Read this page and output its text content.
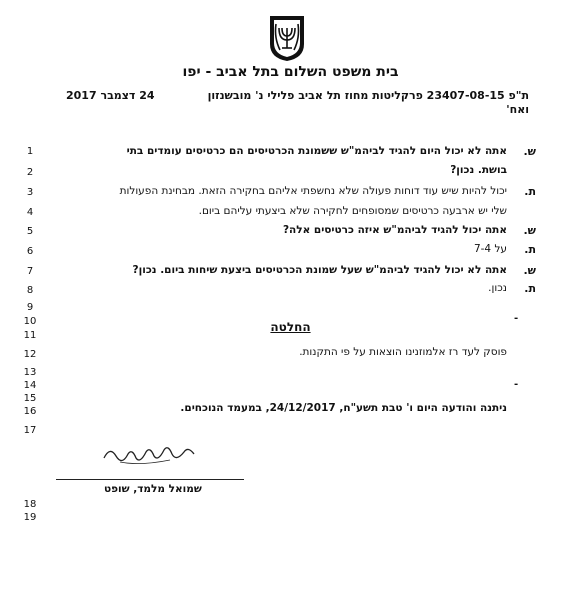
בית משפט השלום בתל אביב - יפו
ת"פ 23407-08-15 פרקליטות מחוז תל אביב פלילי נ' מובשנזון
ואח'
24 דצמבר 2017
1	ש.
אתה לא יכול היום להגיד לביהמ"ש ששמונת הכרטיסים הם כרטיסים עומדים בתי
2	בושת. נכון?
3	ת.
יכול להיות שיש עוד דוחות פעולה שלא נחשפתי אליהם בחקירה הזאת. מבחינת הפעולות
4	שלי יש ארבעה כרטיסים שמסופחים לחקירה שלא ביצעתי עליהם ביום.
5	ש.
אתה יכול להגיד לביהמ"ש איזה כרטיסים אלה?
6	ת.
על 7-4
7	ש.
אתה לא יכול להגיד לביהמ"ש שעל שמונת הכרטיסים ביצעת שיחות ביום. נכון?
8	ת.
נכון.
9
10	-
11
החלטה
12	פוסק לעד רז אלמוזנינו הוצאות על פי התקנות.
13
14	-
15
16	ניתנה והודעה היום ו' טבת תשע"ח, 24/12/2017, במעמד הנוכחים.
17
שמואל מלמד, שופט
18
19
